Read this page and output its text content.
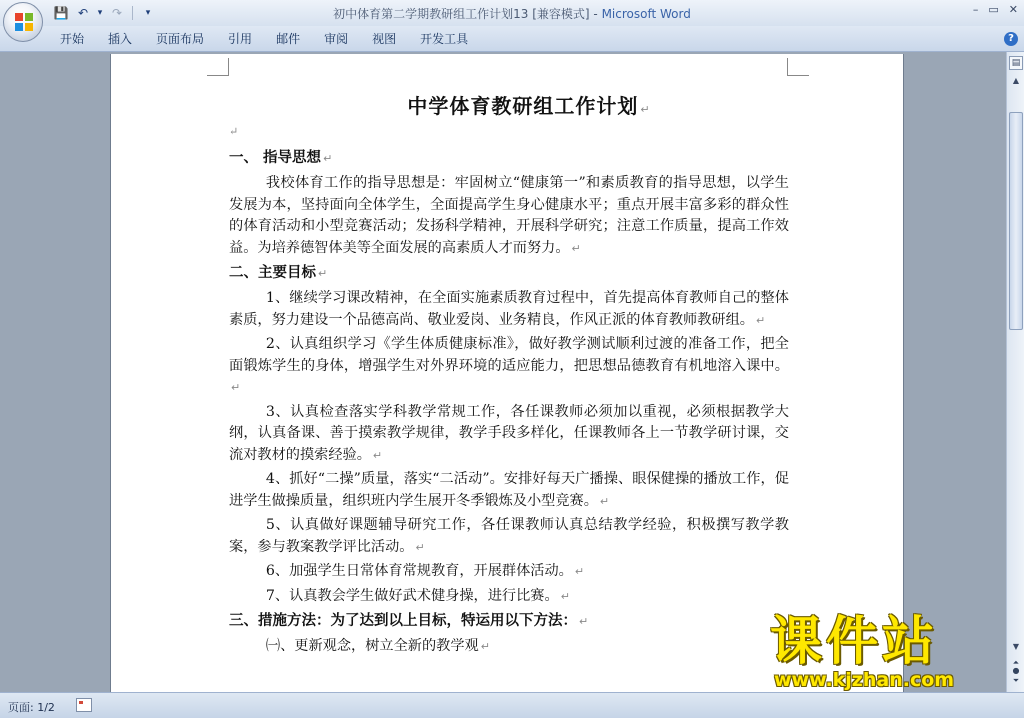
💾 ↶	▾ ↷	▾	初中体育第二学期教研组工作计划13 [兼容模式] - Microsoft Word	– ▭ ✕
开始	插入	页面布局	引用	邮件	审阅	视图	开发工具	?
中学体育教研组工作计划 ↵
↵
一、 指导思想 ↵
我校体育工作的指导思想是：牢固树立“健康第一”和素质教育的指导思想，以学生发展为本，坚持面向全体学生，全面提高学生身心健康水平；重点开展丰富多彩的群众性的体育活动和小型竞赛活动；发扬科学精神，开展科学研究；注意工作质量，提高工作效益。为培养德智体美等全面发展的高素质人才而努力。 ↵
二、主要目标 ↵
1、继续学习课改精神，在全面实施素质教育过程中，首先提高体育教师自己的整体素质，努力建设一个品德高尚、敬业爱岗、业务精良，作风正派的体育教师教研组。 ↵
2、认真组织学习《学生体质健康标准》，做好教学测试顺利过渡的准备工作，把全面锻炼学生的身体，增强学生对外界环境的适应能力，把思想品德教育有机地溶入课中。↵
3、认真检查落实学科教学常规工作，各任课教师必须加以重视，必须根据教学大纲，认真备课、善于摸索教学规律，教学手段多样化，任课教师各上一节教学研讨课，交流对教材的摸索经验。 ↵
4、抓好“二操”质量，落实“二活动”。安排好每天广播操、眼保健操的播放工作，促进学生做操质量，组织班内学生展开冬季锻炼及小型竞赛。 ↵
5、认真做好课题辅导研究工作，各任课教师认真总结教学经验，积极撰写教学教案，参与教案教学评比活动。 ↵
6、加强学生日常体育常规教育，开展群体活动。 ↵
7、认真教会学生做好武术健身操，进行比赛。 ↵
三、措施方法：为了达到以上目标，特运用以下方法： ↵
㈠、更新观念，树立全新的教学观 ↵
▤
▲
▼
⏶
●
⏷
页面: 1/2
课件站
www.kjzhan.com
